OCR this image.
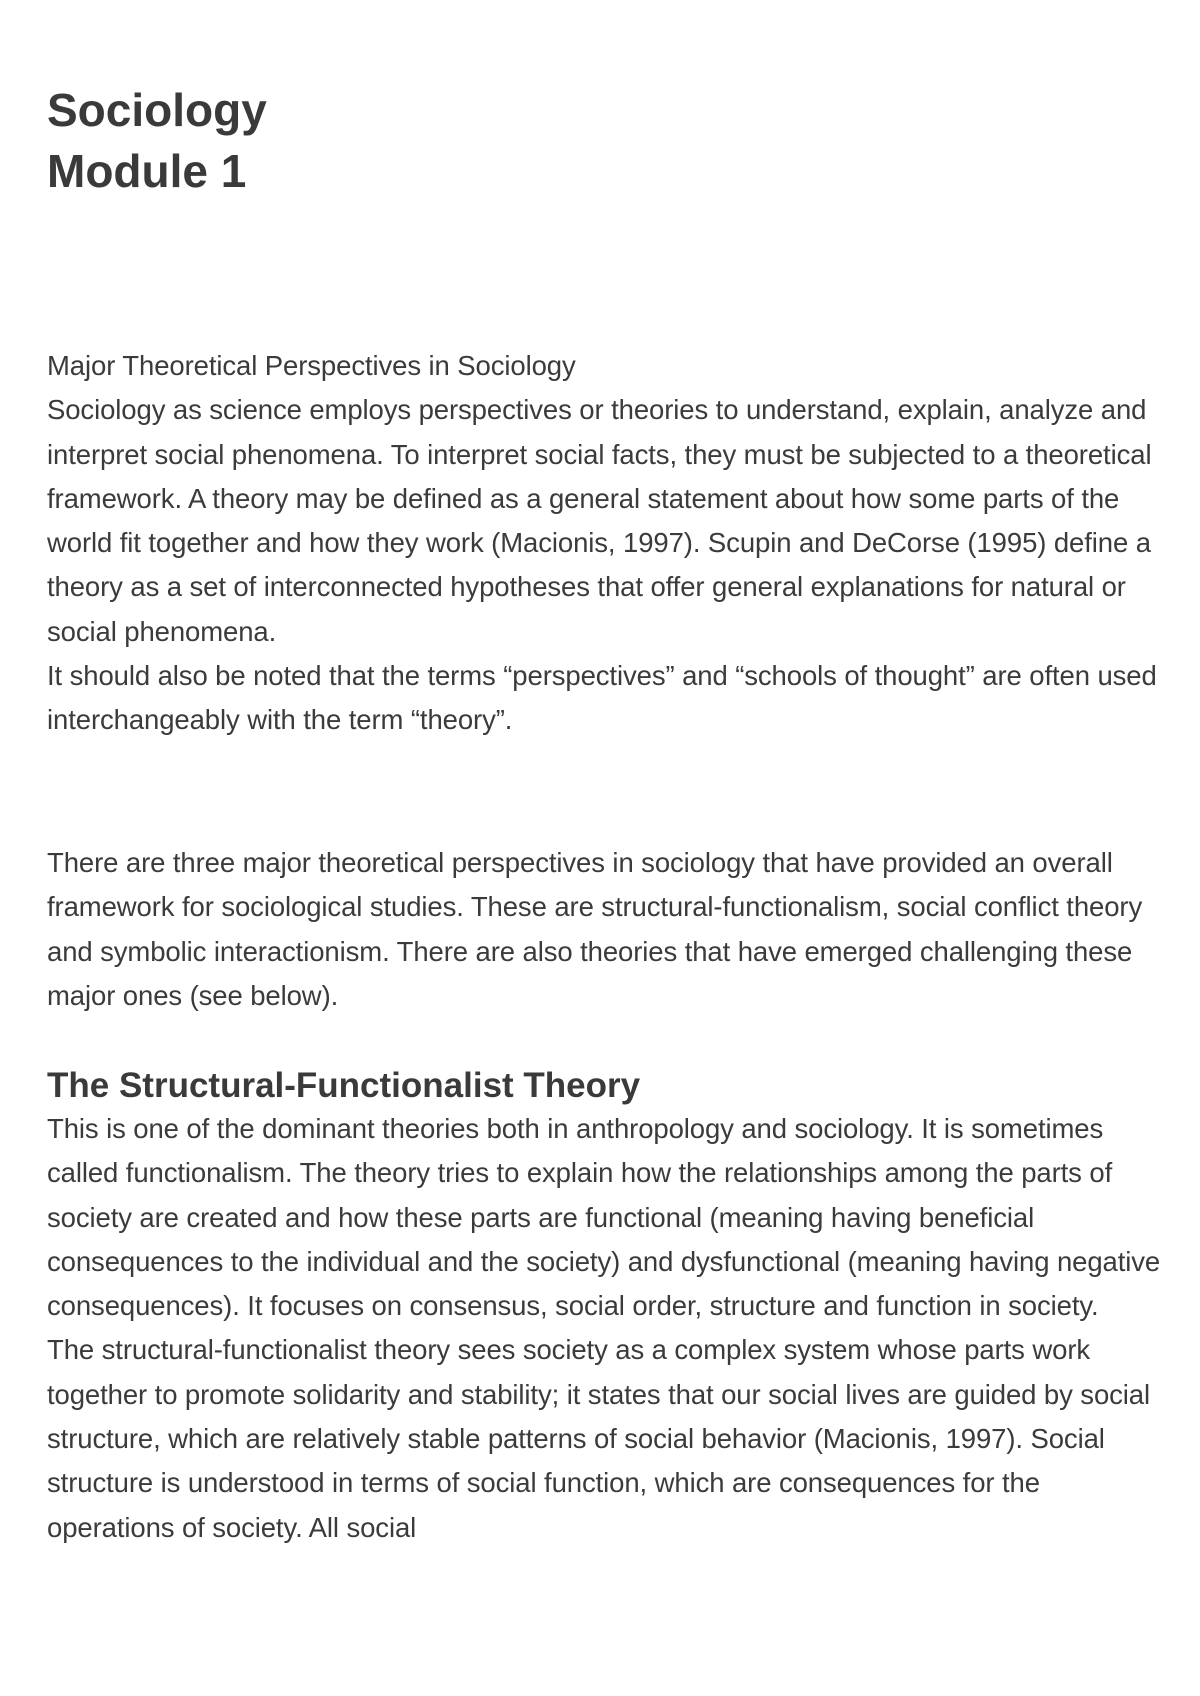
Sociology
Module 1

Major Theoretical Perspectives in Sociology

Sociology as science employs perspectives or theories to understand, explain, analyze and interpret social phenomena. To interpret social facts, they must be subjected to a theoretical framework. A theory may be defined as a general statement about how some parts of the world fit together and how they work (Macionis, 1997). Scupin and DeCorse (1995) define a theory as a set of interconnected hypotheses that offer general explanations for natural or social phenomena.

It should also be noted that the terms “perspectives” and “schools of thought” are often used interchangeably with the term “theory”.

There are three major theoretical perspectives in sociology that have provided an overall framework for sociological studies. These are structural-functionalism, social conflict theory and symbolic interactionism. There are also theories that have emerged challenging these major ones (see below).

The Structural-Functionalist Theory

This is one of the dominant theories both in anthropology and sociology. It is sometimes called functionalism. The theory tries to explain how the relationships among the parts of society are created and how these parts are functional (meaning having beneficial consequences to the individual and the society) and dysfunctional (meaning having negative consequences). It focuses on consensus, social order, structure and function in society.

The structural-functionalist theory sees society as a complex system whose parts work together to promote solidarity and stability; it states that our social lives are guided by social structure, which are relatively stable patterns of social behavior (Macionis, 1997). Social structure is understood in terms of social function, which are consequences for the operations of society. All social
